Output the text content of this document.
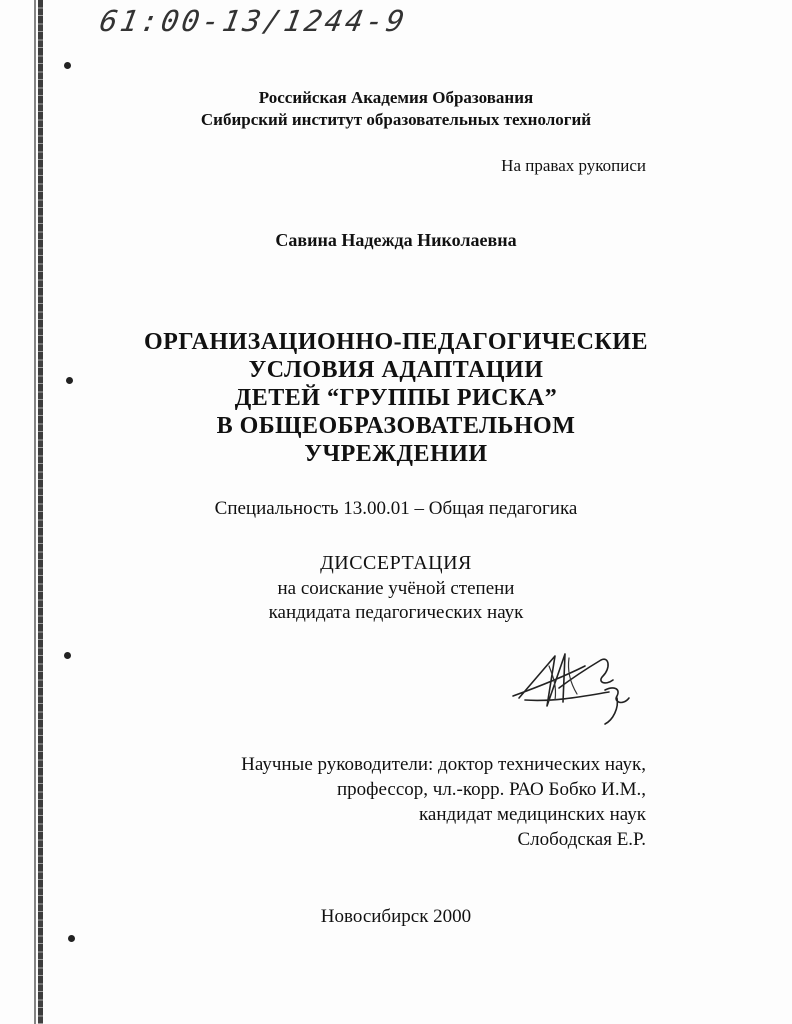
61:00-13/1244-9
Российская Академия Образования
Сибирский институт образовательных технологий
На правах рукописи
Савина Надежда Николаевна
ОРГАНИЗАЦИОННО-ПЕДАГОГИЧЕСКИЕ
УСЛОВИЯ АДАПТАЦИИ
ДЕТЕЙ “ГРУППЫ РИСКА”
В ОБЩЕОБРАЗОВАТЕЛЬНОМ
УЧРЕЖДЕНИИ
Специальность 13.00.01 – Общая педагогика
ДИССЕРТАЦИЯ
на соискание учёной степени
кандидата педагогических наук
Научные руководители: доктор технических наук,
профессор, чл.-корр. РАО Бобко И.М.,
кандидат медицинских наук
Слободская Е.Р.
Новосибирск 2000
